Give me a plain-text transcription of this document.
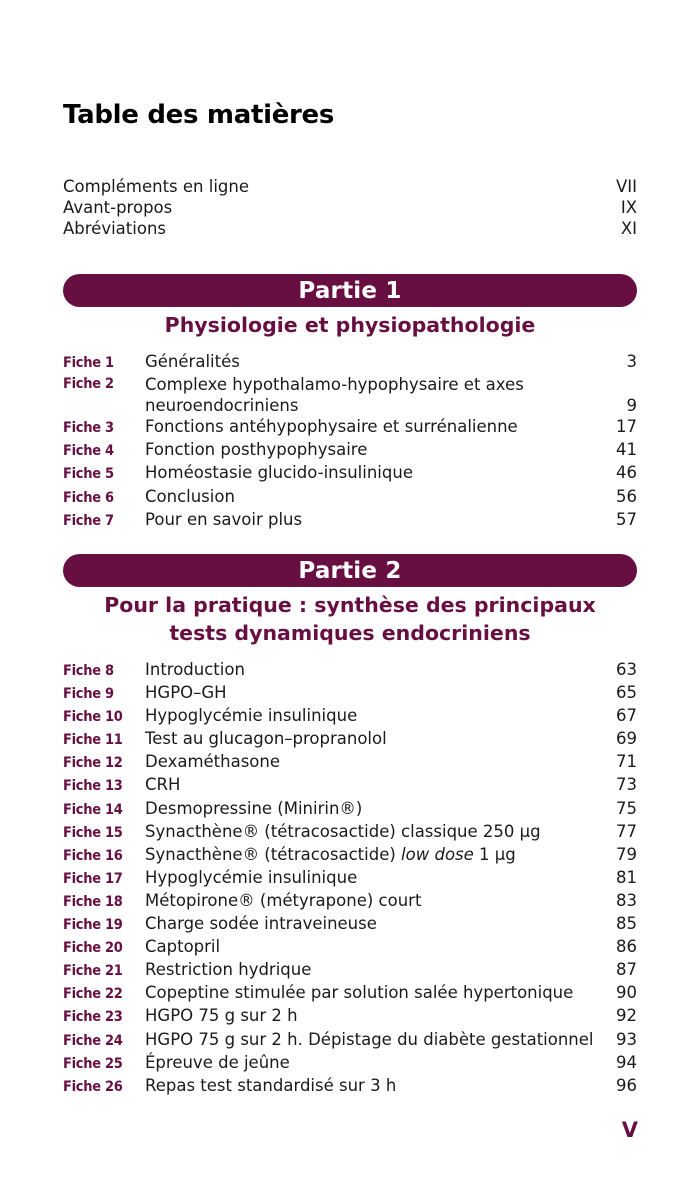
Table des matières
Compléments en ligne	VII
Avant-propos	IX
Abréviations	XI
Partie 1
Physiologie et physiopathologie
Fiche 1	Généralités	3
Fiche 2	Complexe hypothalamo-hypophysaire et axes
neuroendocriniens	9
Fiche 3	Fonctions antéhypophysaire et surrénalienne	17
Fiche 4	Fonction posthypophysaire	41
Fiche 5	Homéostasie glucido-insulinique	46
Fiche 6	Conclusion	56
Fiche 7	Pour en savoir plus	57
Partie 2
Pour la pratique : synthèse des principaux
tests dynamiques endocriniens
Fiche 8	Introduction	63
Fiche 9	HGPO–GH	65
Fiche 10	Hypoglycémie insulinique	67
Fiche 11	Test au glucagon–propranolol	69
Fiche 12	Dexaméthasone	71
Fiche 13	CRH	73
Fiche 14	Desmopressine (Minirin®)	75
Fiche 15	Synacthène® (tétracosactide) classique 250 µg	77
Fiche 16	Synacthène® (tétracosactide) low dose 1 µg	79
Fiche 17	Hypoglycémie insulinique	81
Fiche 18	Métopirone® (métyrapone) court	83
Fiche 19	Charge sodée intraveineuse	85
Fiche 20	Captopril	86
Fiche 21	Restriction hydrique	87
Fiche 22	Copeptine stimulée par solution salée hypertonique	90
Fiche 23	HGPO 75 g sur 2 h	92
Fiche 24	HGPO 75 g sur 2 h. Dépistage du diabète gestationnel	93
Fiche 25	Épreuve de jeûne	94
Fiche 26	Repas test standardisé sur 3 h	96
V
